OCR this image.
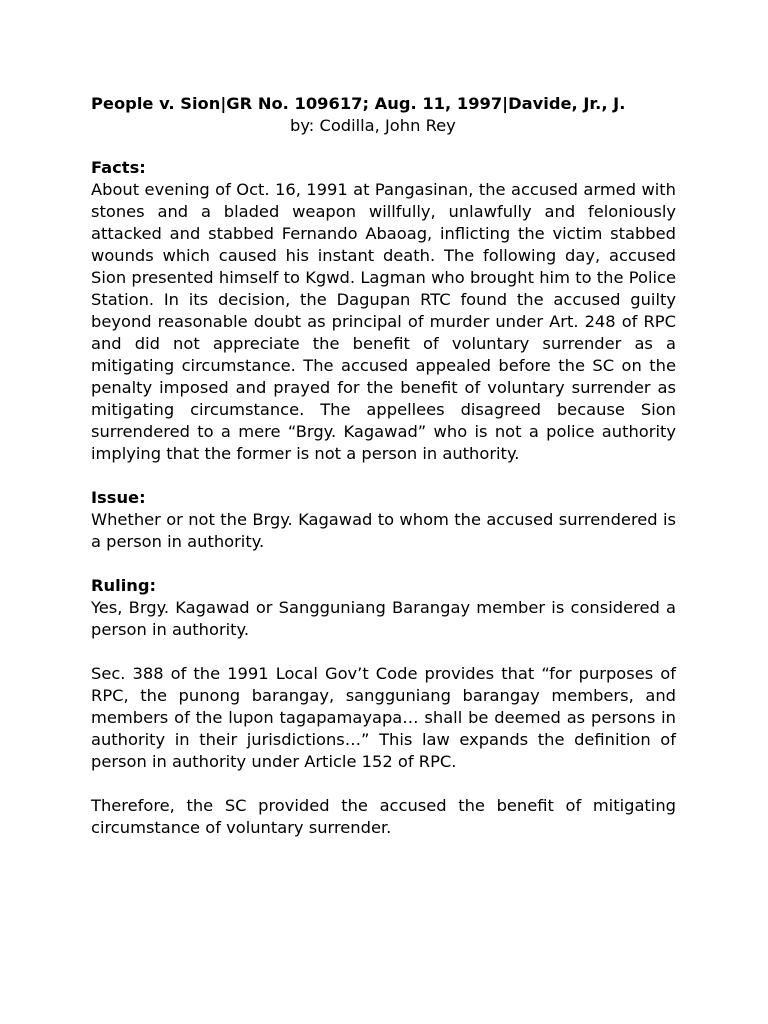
People v. Sion|GR No. 109617; Aug. 11, 1997|Davide, Jr., J.

by: Codilla, John Rey

Facts:

About evening of Oct. 16, 1991 at Pangasinan, the accused armed with stones and a bladed weapon willfully, unlawfully and feloniously attacked and stabbed Fernando Abaoag, inflicting the victim stabbed wounds which caused his instant death. The following day, accused Sion presented himself to Kgwd. Lagman who brought him to the Police Station. In its decision, the Dagupan RTC found the accused guilty beyond reasonable doubt as principal of murder under Art. 248 of RPC and did not appreciate the benefit of voluntary surrender as a mitigating circumstance. The accused appealed before the SC on the penalty imposed and prayed for the benefit of voluntary surrender as mitigating circumstance. The appellees disagreed because Sion surrendered to a mere “Brgy. Kagawad” who is not a police authority implying that the former is not a person in authority.

Issue:

Whether or not the Brgy. Kagawad to whom the accused surrendered is a person in authority.

Ruling:

Yes, Brgy. Kagawad or Sangguniang Barangay member is considered a person in authority.

Sec. 388 of the 1991 Local Gov’t Code provides that “for purposes of RPC, the punong barangay, sangguniang barangay members, and members of the lupon tagapamayapa… shall be deemed as persons in authority in their jurisdictions…” This law expands the definition of person in authority under Article 152 of RPC.

Therefore, the SC provided the accused the benefit of mitigating circumstance of voluntary surrender.
